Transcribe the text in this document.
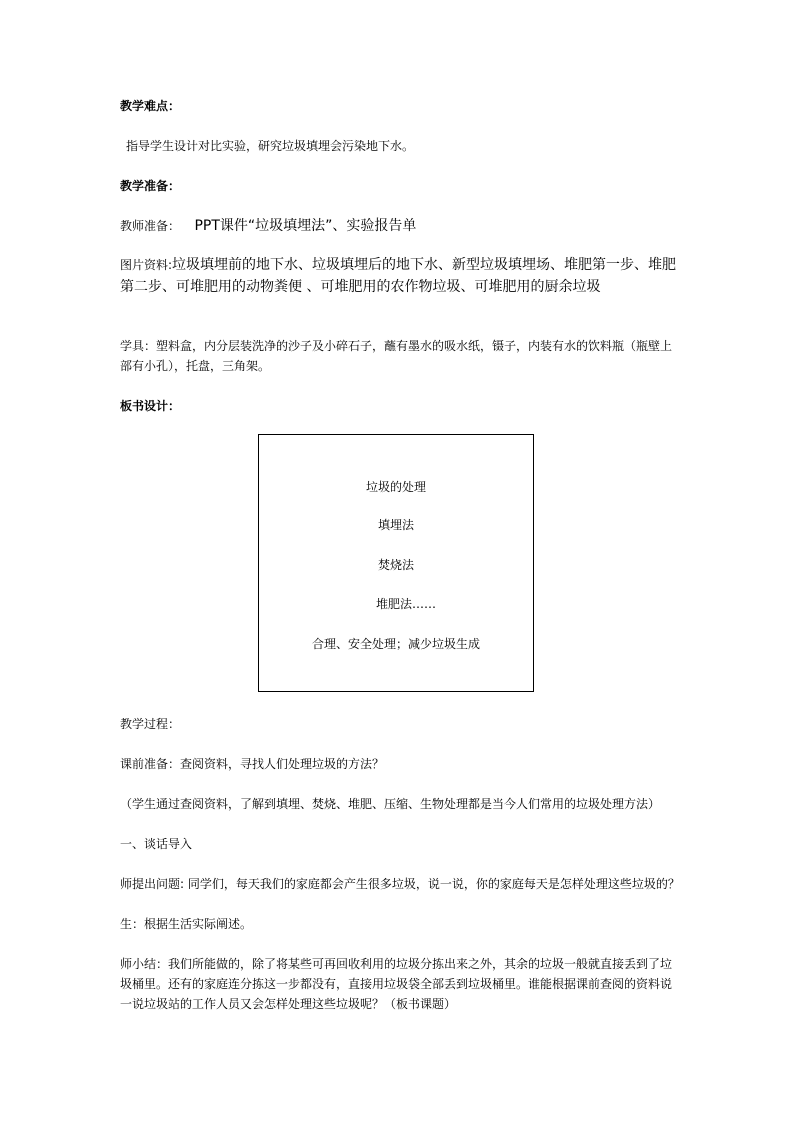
教学难点：
指导学生设计对比实验，研究垃圾填埋会污染地下水。
教学准备：
教师准备： PPT课件“垃圾填埋法”、实验报告单
图片资料:垃圾填埋前的地下水、垃圾填埋后的地下水、新型垃圾填埋场、堆肥第一步、堆肥第二步、可堆肥用的动物粪便 、可堆肥用的农作物垃圾、可堆肥用的厨余垃圾
学具：塑料盒，内分层装洗净的沙子及小碎石子，蘸有墨水的吸水纸，镊子，内装有水的饮料瓶（瓶壁上
部有小孔），托盘，三角架。
板书设计：
垃圾的处理
填埋法
焚烧法
堆肥法……
合理、安全处理；减少垃圾生成
教学过程：
课前准备：查阅资料，寻找人们处理垃圾的方法？
（学生通过查阅资料，了解到填埋、焚烧、堆肥、压缩、生物处理都是当今人们常用的垃圾处理方法）
一、谈话导入
师提出问题: 同学们，每天我们的家庭都会产生很多垃圾，说一说，你的家庭每天是怎样处理这些垃圾的？
生：根据生活实际阐述。
师小结：我们所能做的，除了将某些可再回收利用的垃圾分拣出来之外，其余的垃圾一般就直接丢到了垃
圾桶里。还有的家庭连分拣这一步都没有，直接用垃圾袋全部丢到垃圾桶里。谁能根据课前查阅的资料说
一说垃圾站的工作人员又会怎样处理这些垃圾呢？（板书课题）
